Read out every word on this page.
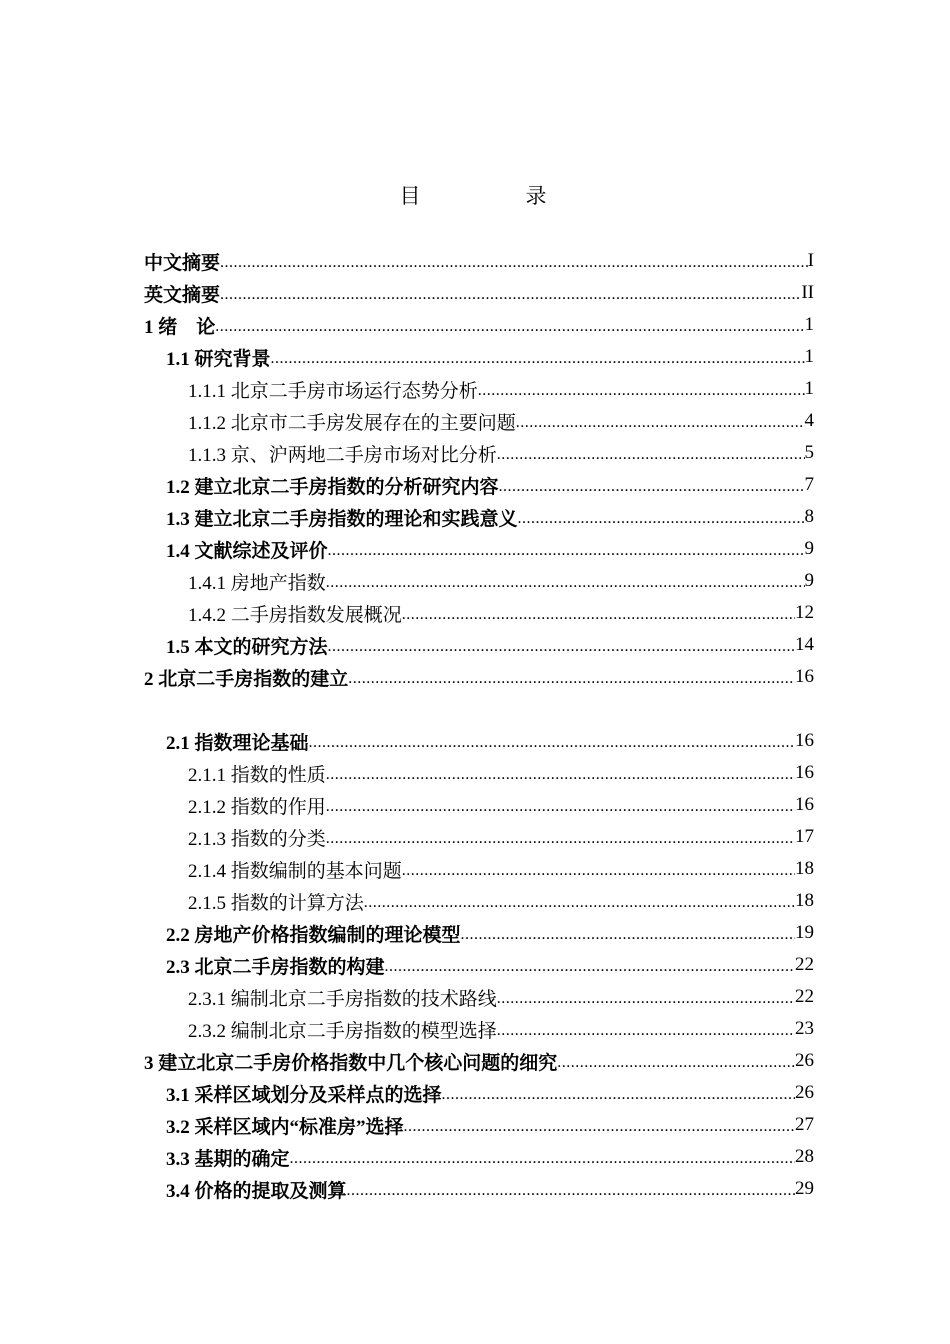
目　录
中文摘要 .....	I
英文摘要 .....	II
1 绪　论 .....	1
1.1 研究背景 .....	1
1.1.1 北京二手房市场运行态势分析 .....	1
1.1.2 北京市二手房发展存在的主要问题 .....	4
1.1.3 京、沪两地二手房市场对比分析 .....	5
1.2 建立北京二手房指数的分析研究内容 .....	7
1.3 建立北京二手房指数的理论和实践意义 .....	8
1.4 文献综述及评价 .....	9
1.4.1 房地产指数 .....	9
1.4.2 二手房指数发展概况 .....	12
1.5 本文的研究方法 .....	14
2 北京二手房指数的建立 .....	16
2.1 指数理论基础 .....	16
2.1.1 指数的性质 .....	16
2.1.2 指数的作用 .....	16
2.1.3 指数的分类 .....	17
2.1.4 指数编制的基本问题 .....	18
2.1.5 指数的计算方法 .....	18
2.2 房地产价格指数编制的理论模型 .....	19
2.3 北京二手房指数的构建 .....	22
2.3.1 编制北京二手房指数的技术路线 .....	22
2.3.2 编制北京二手房指数的模型选择 .....	23
3 建立北京二手房价格指数中几个核心问题的细究 .....	26
3.1 采样区域划分及采样点的选择 .....	26
3.2 采样区域内“标准房”选择 .....	27
3.3 基期的确定 .....	28
3.4 价格的提取及测算 .....	29
